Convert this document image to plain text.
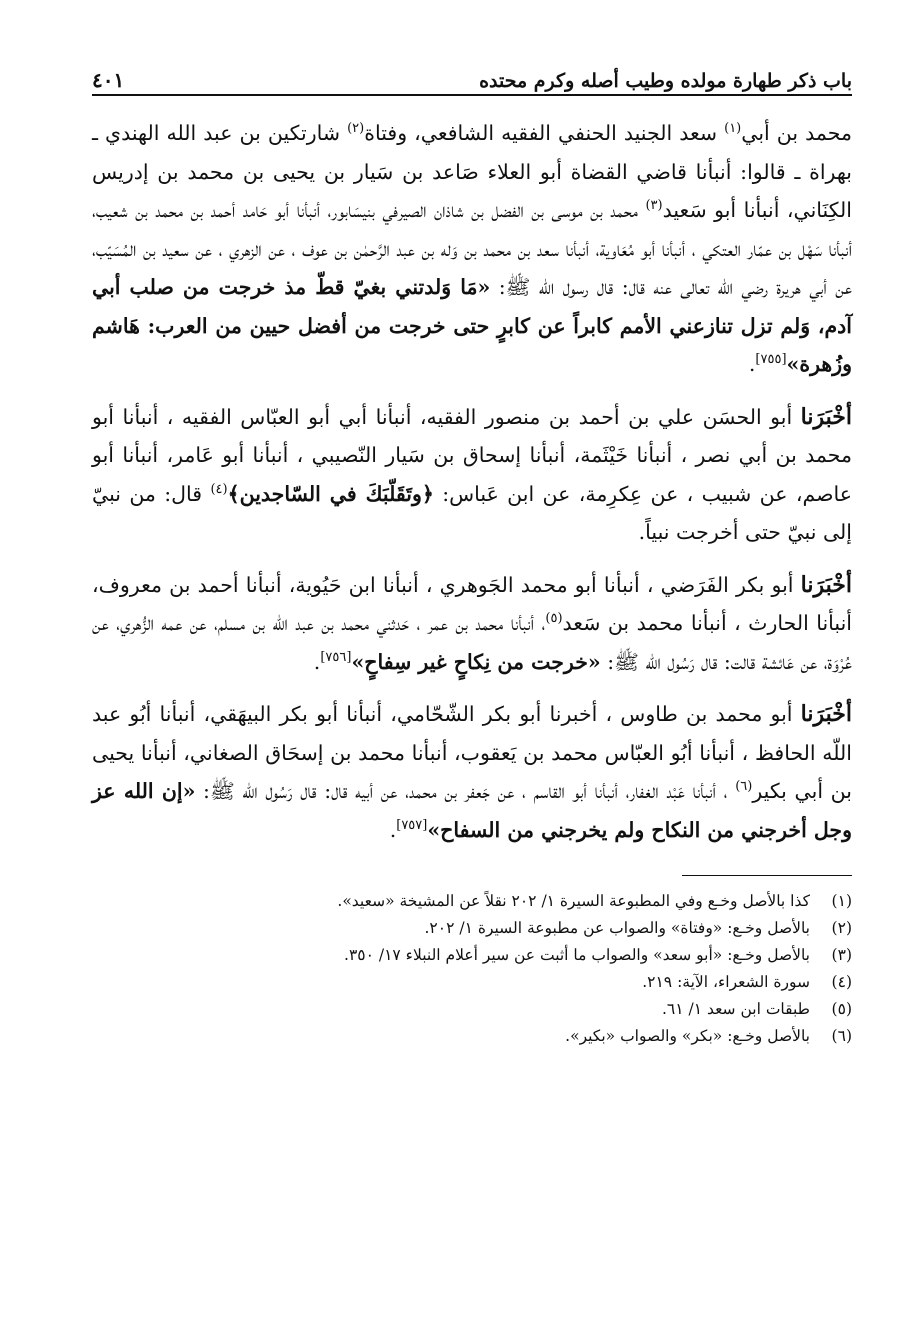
باب ذكر طهارة مولده وطيب أصله وكرم محتده
٤٠١

محمد بن أبي$^{(١)}$ سعد الجنيد الحنفي الفقيه الشافعي، وفتاة$^{(٢)}$ شارتكين بن عبد الله الهندي ـ بهراة ـ قالوا: أنبأنا قاضي القضاة أبو العلاء صَاعد بن سَيار بن يحيى بن محمد بن إدريس الكِنَاني، أنبأنا أبو سَعيد$^{(٣)}$ محمد بن موسى بن الفضل بن شاذان الصيرفي بنيسَابور، أنبأنا أبو حَامد أحمد بن محمد بن شعيب، أنبأنا سَهْل بن عمّار العتكي ، أنبأنا أبو مُعَاوية، أنبأنا سعد بن محمد بن وَله بن عبد الرَّحمٰن بن عوف ، عن الزهري ، عن سعيد بن المُسَيّب، عن أبي هريرة رضي الله تعالى عنه قال: قال رسول الله ﷺ: «مَا وَلدتني بغيّ قطّ مذ خرجت من صلب أبي آدم، وَلم تزل تنازعني الأمم كابراً عن كابرٍ حتى خرجت من أفضل حيين من العرب: هَاشم وزُهرة»[٧٥٥].

أخْبَرَنا أبو الحسَن علي بن أحمد بن منصور الفقيه، أنبأنا أبي أبو العبّاس الفقيه ، أنبأنا أبو محمد بن أبي نصر ، أنبأنا خَيْثَمة، أنبأنا إسحاق بن سَيار النّصيبي ، أنبأنا أبو عَامر، أنبأنا أبو عاصم، عن شبيب ، عن عِكرِمة، عن ابن عَباس: ﴿وتَقَلّبَكَ في السّاجدين﴾$^{(٤)}$ قال: من نبيّ إلى نبيّ حتى أخرجت نبياً.

أخْبَرَنا أبو بكر الفَرَضي ، أنبأنا أبو محمد الجَوهري ، أنبأنا ابن حَيُوية، أنبأنا أحمد بن معروف، أنبأنا الحارث ، أنبأنا محمد بن سَعد$^{(٥)}$، أنبأنا محمد بن عمر ، حَدثني محمد بن عبد الله بن مسلم، عن عمه الزُّهري، عن عُرْوَة، عن عَائشة قالت: قال رَسُول الله ﷺ: «خرجت من نِكاحٍ غير سِفاحٍ»[٧٥٦].

أخْبَرَنا أبو محمد بن طاوس ، أخبرنا أبو بكر الشّحّامي، أنبأنا أبو بكر البيهَقي، أنبأنا أبُو عبد اللّه الحافظ ، أنبأنا أبُو العبّاس محمد بن يَعقوب، أنبأنا محمد بن إسحَاق الصغاني، أنبأنا يحيى بن أبي بكير$^{(٦)}$ ، أنبأنا عَبْد الغفار، أنبأنا أبو القاسم ، عن جَعفر بن محمد، عن أبيه قال: قال رَسُول الله ﷺ: «إن الله عز وجل أخرجني من النكاح ولم يخرجني من السفاح»[٧٥٧].

(١)
كذا بالأصل وخـع وفي المطبوعة السيرة ١/ ٢٠٢ نقلاً عن المشيخة «سعيد».
(٢)
بالأصل وخـع: «وفتاة» والصواب عن مطبوعة السيرة ١/ ٢٠٢.
(٣)
بالأصل وخـع: «أبو سعد» والصواب ما أثبت عن سير أعلام النبلاء ١٧/ ٣٥٠.
(٤)
سورة الشعراء، الآية: ٢١٩.
(٥)
طبقات ابن سعد ١/ ٦١.
(٦)
بالأصل وخـع: «بكر» والصواب «بكير».
